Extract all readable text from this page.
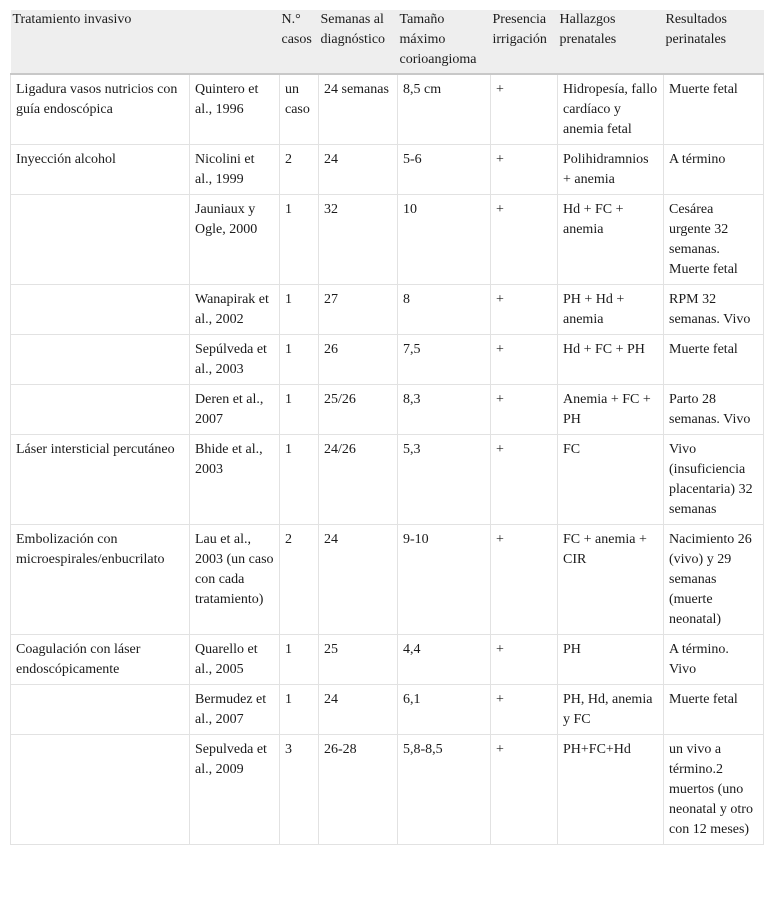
Tratamiento invasivo		N.° casos	Semanas al diagnóstico	Tamaño máximo corioangioma	Presencia irrigación	Hallazgos prenatales	Resultados perinatales
Ligadura vasos nutricios con guía endoscópica	Quintero et al., 1996	un caso	24 semanas	8,5 cm	+	Hidropesía, fallo cardíaco y anemia fetal	Muerte fetal
Inyección alcohol	Nicolini et al., 1999	2	24	5-6	+	Polihidramnios + anemia	A término
	Jauniaux y Ogle, 2000	1	32	10	+	Hd + FC + anemia	Cesárea urgente 32 semanas. Muerte fetal
	Wanapirak et al., 2002	1	27	8	+	PH + Hd + anemia	RPM 32 semanas. Vivo
	Sepúlveda et al., 2003	1	26	7,5	+	Hd + FC + PH	Muerte fetal
	Deren et al., 2007	1	25/26	8,3	+	Anemia + FC + PH	Parto 28 semanas. Vivo
Láser intersticial percutáneo	Bhide et al., 2003	1	24/26	5,3	+	FC	Vivo (insuficiencia placentaria) 32 semanas
Embolización con microespirales/enbucrilato	Lau et al., 2003 (un caso con cada tratamiento)	2	24	9-10	+	FC + anemia + CIR	Nacimiento 26 (vivo) y 29 semanas (muerte neonatal)
Coagulación con láser endoscópicamente	Quarello et al., 2005	1	25	4,4	+	PH	A término. Vivo
	Bermudez et al., 2007	1	24	6,1	+	PH, Hd, anemia y FC	Muerte fetal
	Sepulveda et al., 2009	3	26-28	5,8-8,5	+	PH+FC+Hd	un vivo a término.2 muertos (uno neonatal y otro con 12 meses)
